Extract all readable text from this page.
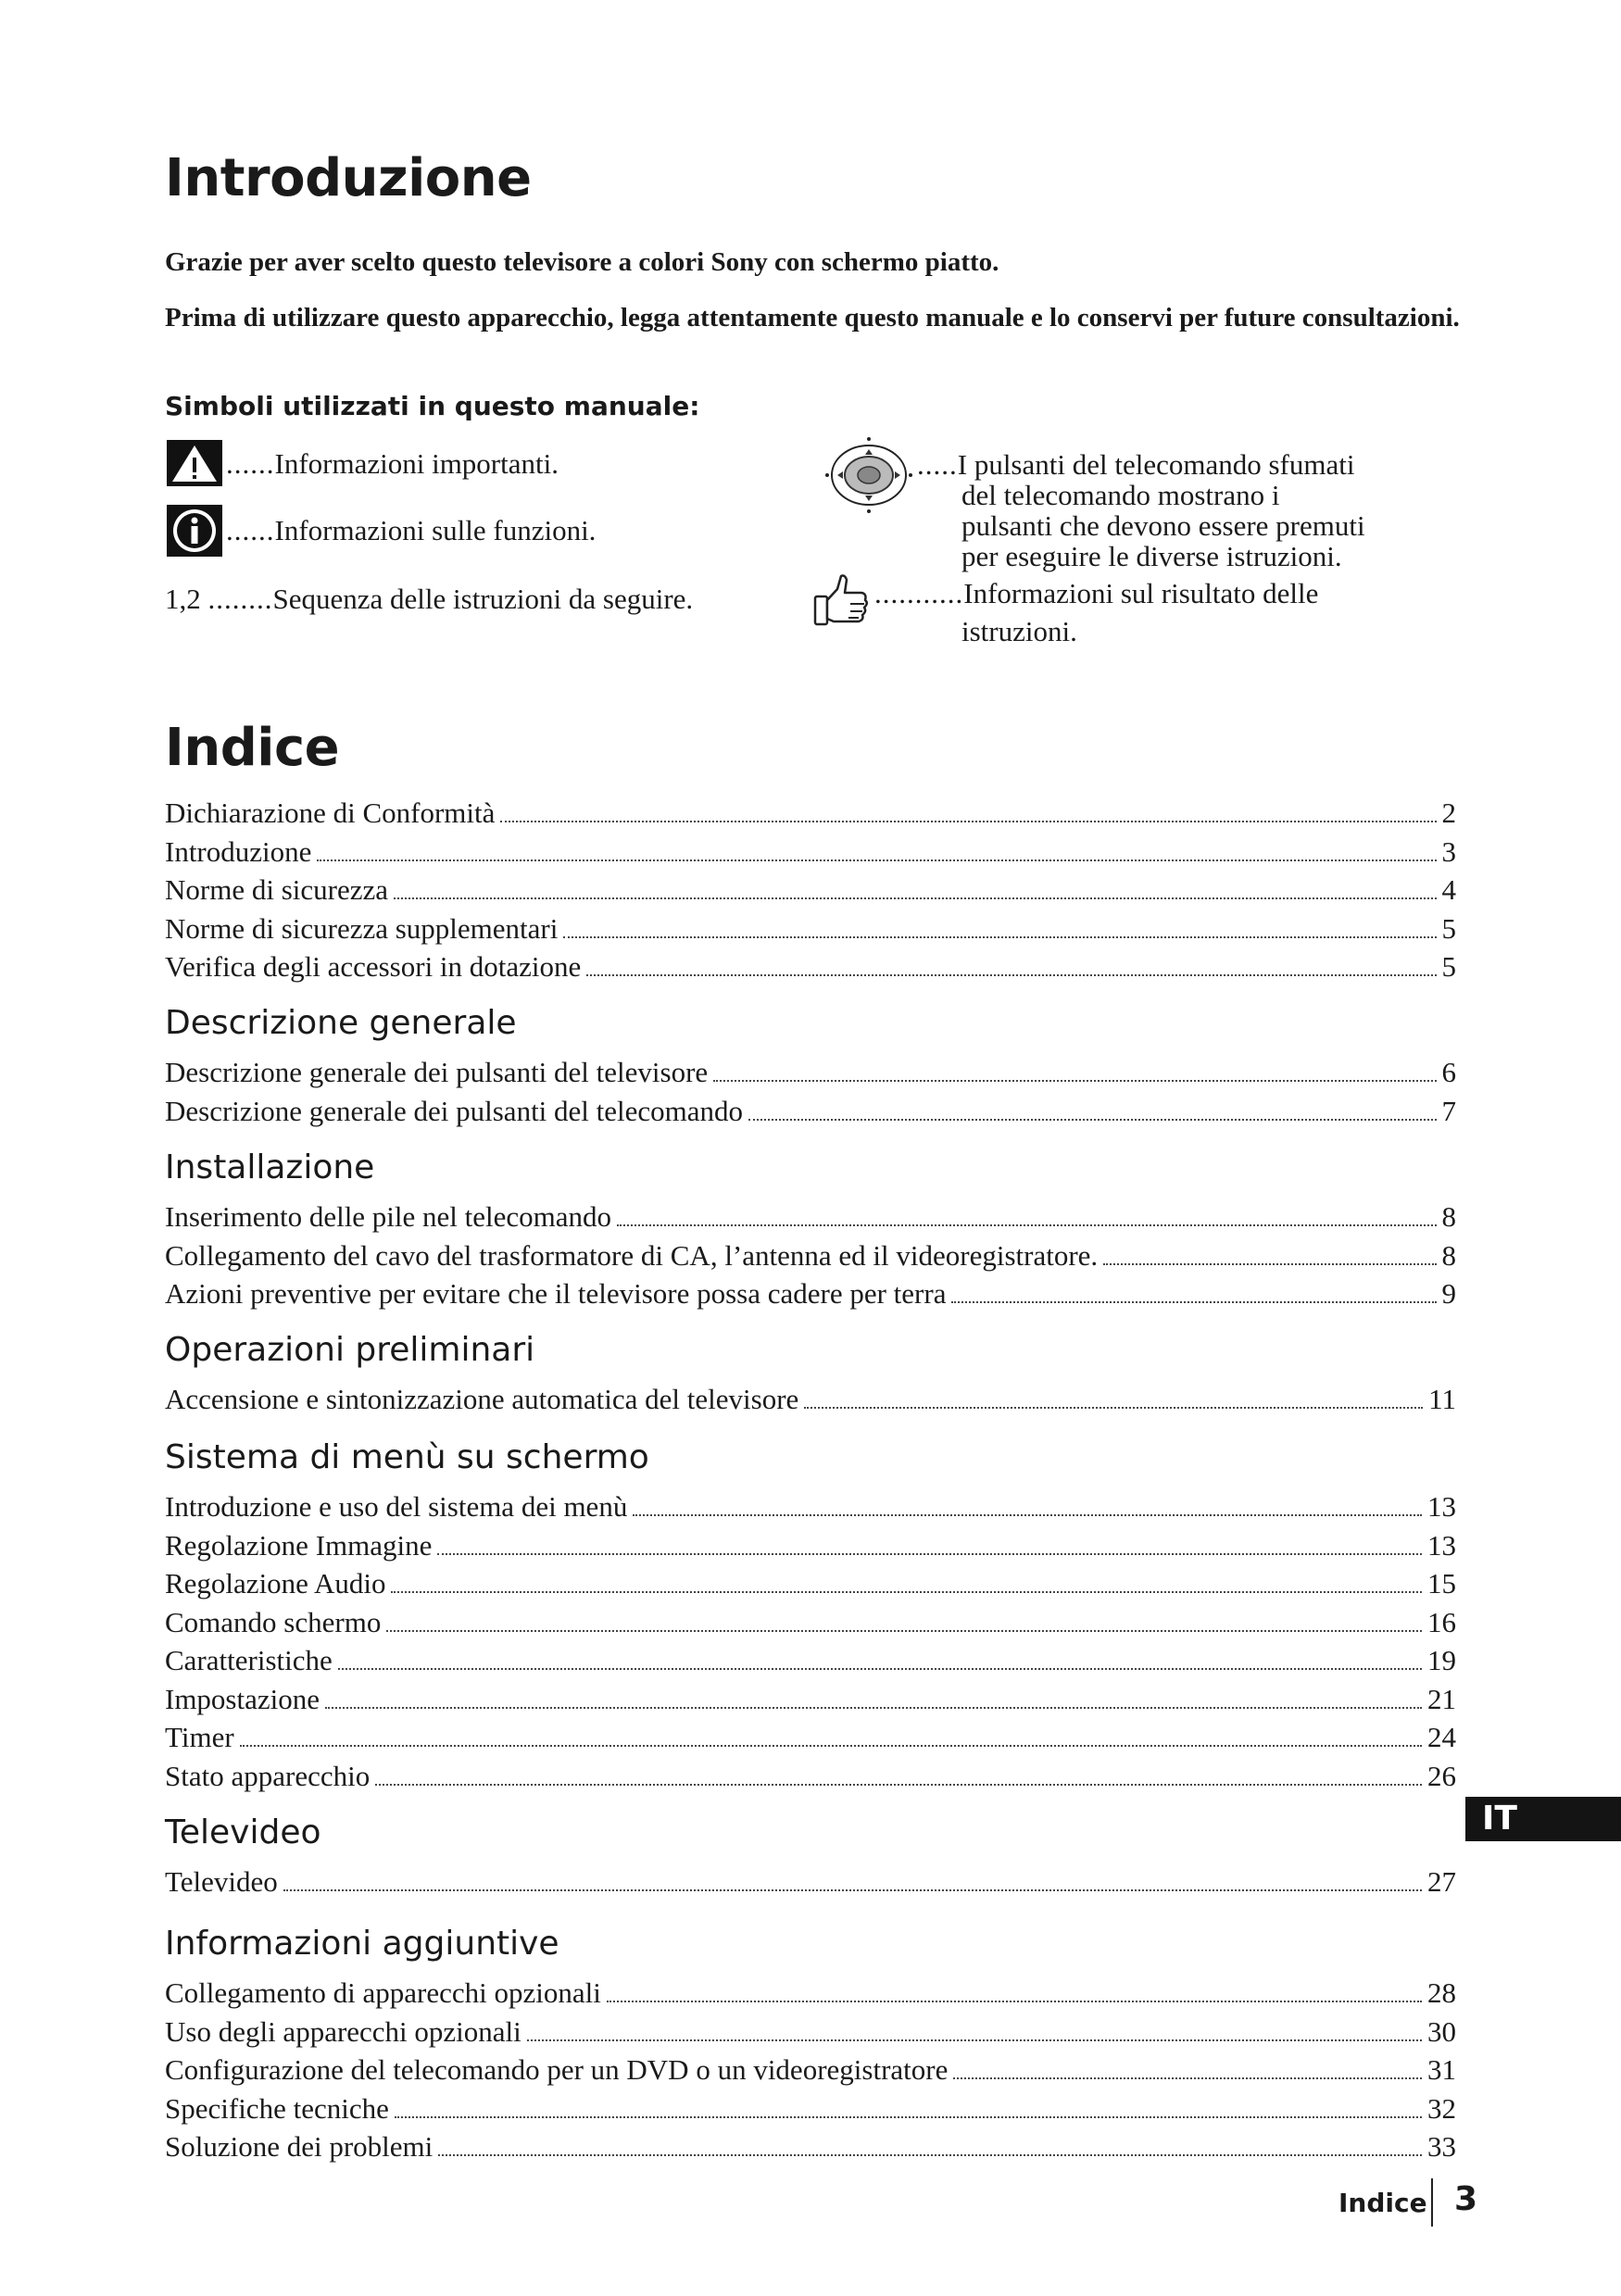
Introduzione

Grazie per aver scelto questo televisore a colori Sony con schermo piatto.

Prima di utilizzare questo apparecchio, legga attentamente questo manuale e lo conservi per future consultazioni.

Simboli utilizzati in questo manuale:
......Informazioni importanti.
......Informazioni sulle funzioni.
1,2 ........Sequenza delle istruzioni da seguire.
.....I pulsanti del telecomando sfumati
del telecomando mostrano i
pulsanti che devono essere premuti
per eseguire le diverse istruzioni.
...........Informazioni sul risultato delle
istruzioni.
Indice
Dichiarazione di Conformità	2
Introduzione	3
Norme di sicurezza	4
Norme di sicurezza supplementari	5
Verifica degli accessori in dotazione	5
Descrizione generale
Descrizione generale dei pulsanti del televisore	6
Descrizione generale dei pulsanti del telecomando	7
Installazione
Inserimento delle pile nel telecomando	8
Collegamento del cavo del trasformatore di CA, l’antenna ed il videoregistratore.	8
Azioni preventive per evitare che il televisore possa cadere per terra	9
Operazioni preliminari
Accensione e sintonizzazione automatica del televisore	11
Sistema di menù su schermo
Introduzione e uso del sistema dei menù	13
Regolazione Immagine	13
Regolazione Audio	15
Comando schermo	16
Caratteristiche	19
Impostazione	21
Timer	24
Stato apparecchio	26
Televideo
Televideo	27
Informazioni aggiuntive
Collegamento di apparecchi opzionali	28
Uso degli apparecchi opzionali	30
Configurazione del telecomando per un DVD o un videoregistratore	31
Specifiche tecniche	32
Soluzione dei problemi	33
IT
Indice 3
